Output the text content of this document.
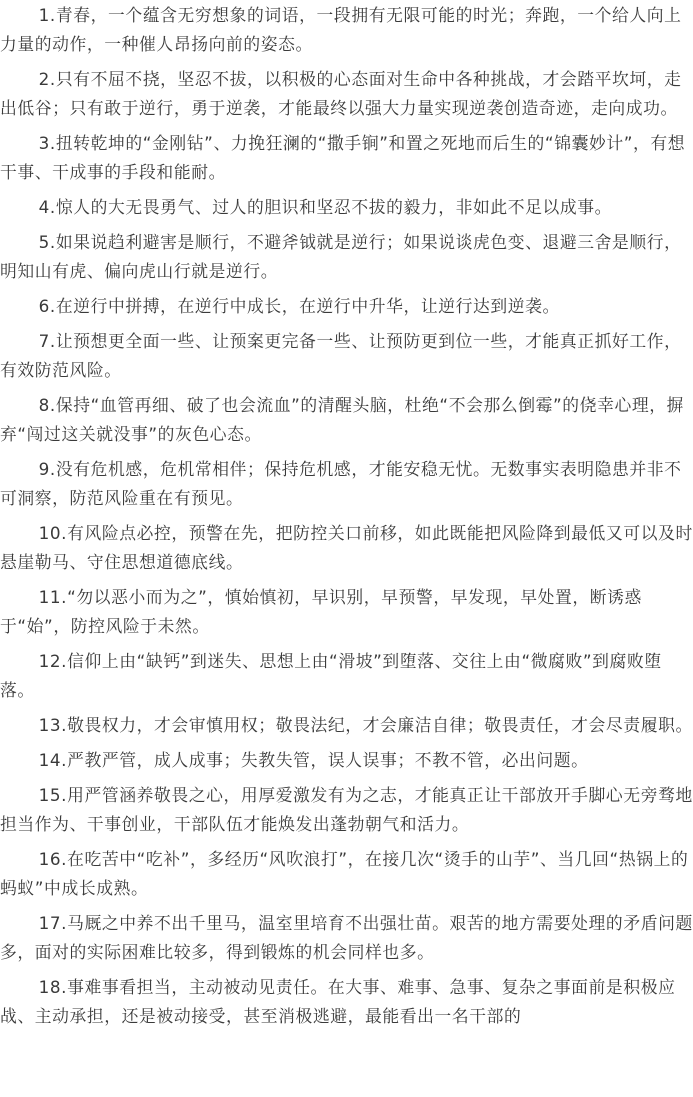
1.青春，一个蕴含无穷想象的词语，一段拥有无限可能的时光；奔跑，一个给人向上力量的动作，一种催人昂扬向前的姿态。

2.只有不屈不挠，坚忍不拔，以积极的心态面对生命中各种挑战，才会踏平坎坷，走出低谷；只有敢于逆行，勇于逆袭，才能最终以强大力量实现逆袭创造奇迹，走向成功。

3.扭转乾坤的“金刚钻”、力挽狂澜的“撒手锏”和置之死地而后生的“锦囊妙计”，有想干事、干成事的手段和能耐。

4.惊人的大无畏勇气、过人的胆识和坚忍不拔的毅力，非如此不足以成事。

5.如果说趋利避害是顺行，不避斧钺就是逆行；如果说谈虎色变、退避三舍是顺行，明知山有虎、偏向虎山行就是逆行。

6.在逆行中拼搏，在逆行中成长，在逆行中升华，让逆行达到逆袭。

7.让预想更全面一些、让预案更完备一些、让预防更到位一些，才能真正抓好工作，有效防范风险。

8.保持“血管再细、破了也会流血”的清醒头脑，杜绝“不会那么倒霉”的侥幸心理，摒弃“闯过这关就没事”的灰色心态。

9.没有危机感，危机常相伴；保持危机感，才能安稳无忧。无数事实表明隐患并非不可洞察，防范风险重在有预见。

10.有风险点必控，预警在先，把防控关口前移，如此既能把风险降到最低又可以及时悬崖勒马、守住思想道德底线。

11.“勿以恶小而为之”，慎始慎初，早识别，早预警，早发现，早处置，断诱惑于“始”，防控风险于未然。

12.信仰上由“缺钙”到迷失、思想上由“滑坡”到堕落、交往上由“微腐败”到腐败堕落。

13.敬畏权力，才会审慎用权；敬畏法纪，才会廉洁自律；敬畏责任，才会尽责履职。

14.严教严管，成人成事；失教失管，误人误事；不教不管，必出问题。

15.用严管涵养敬畏之心，用厚爱激发有为之志，才能真正让干部放开手脚心无旁骛地担当作为、干事创业，干部队伍才能焕发出蓬勃朝气和活力。

16.在吃苦中“吃补”，多经历“风吹浪打”，在接几次“烫手的山芋”、当几回“热锅上的蚂蚁”中成长成熟。

17.马厩之中养不出千里马，温室里培育不出强壮苗。艰苦的地方需要处理的矛盾问题多，面对的实际困难比较多，得到锻炼的机会同样也多。

18.事难事看担当，主动被动见责任。在大事、难事、急事、复杂之事面前是积极应战、主动承担，还是被动接受，甚至消极逃避，最能看出一名干部的
